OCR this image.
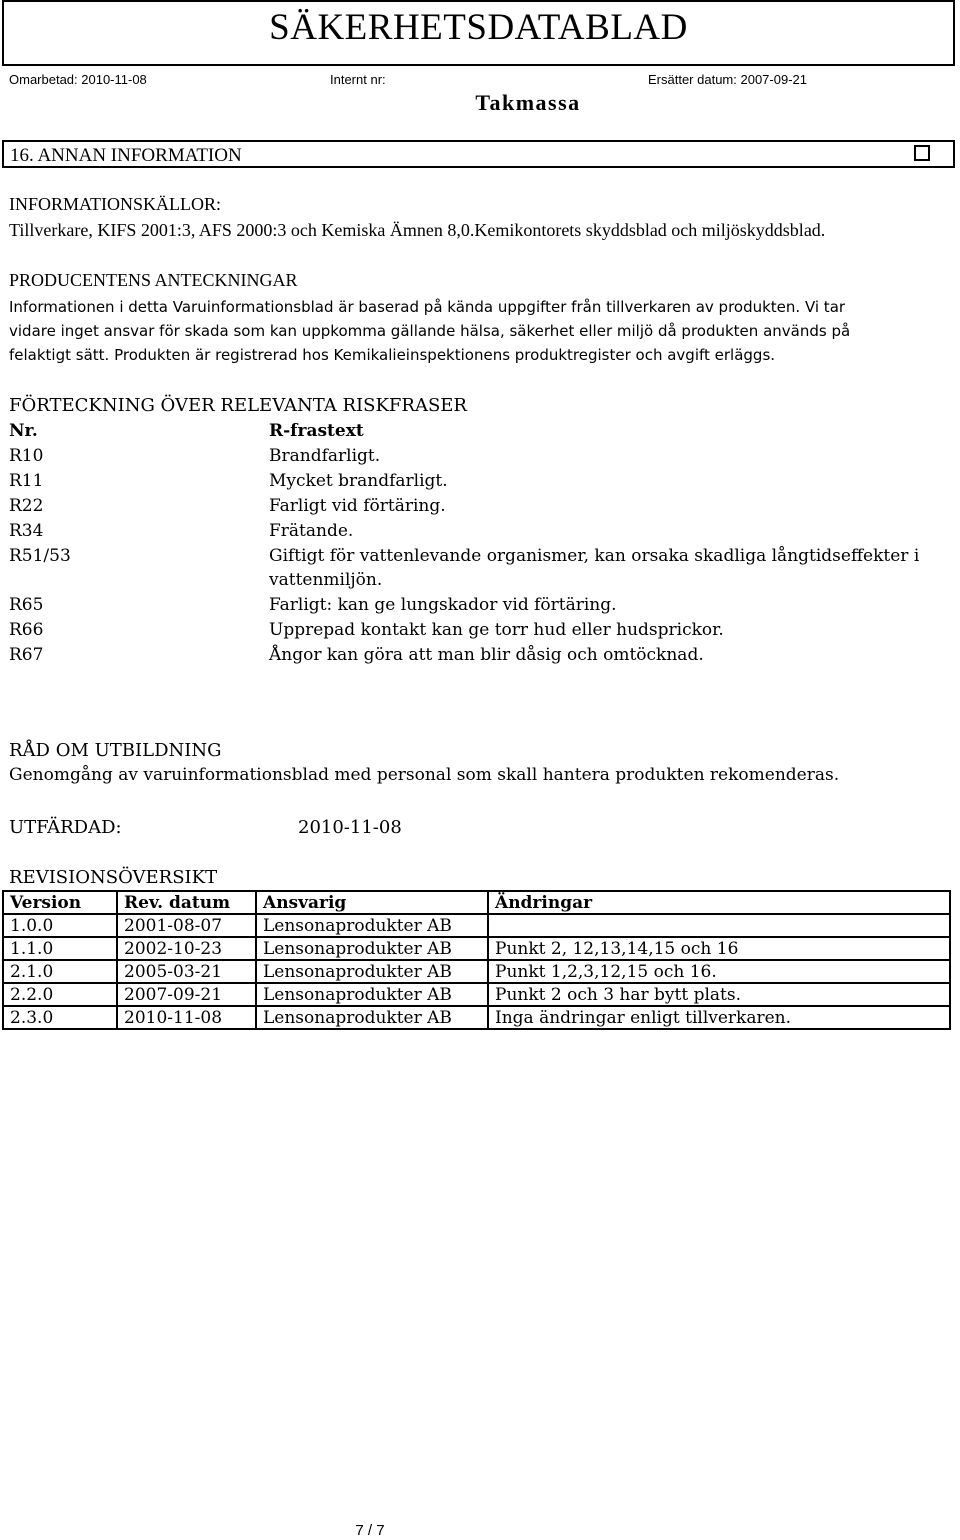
SÄKERHETSDATABLAD
Omarbetad: 2010-11-08	Internt nr:	Ersätter datum: 2007-09-21
Takmassa
16. ANNAN INFORMATION
INFORMATIONSKÄLLOR:
Tillverkare, KIFS 2001:3, AFS 2000:3 och Kemiska Ämnen 8,0.Kemikontorets skyddsblad och miljöskyddsblad.
PRODUCENTENS ANTECKNINGAR
Informationen i detta Varuinformationsblad är baserad på kända uppgifter från tillverkaren av produkten. Vi tar
vidare inget ansvar för skada som kan uppkomma gällande hälsa, säkerhet eller miljö då produkten används på
felaktigt sätt. Produkten är registrerad hos Kemikalieinspektionens produktregister och avgift erläggs.
FÖRTECKNING ÖVER RELEVANTA RISKFRASER
Nr.	R-frastext
R10	Brandfarligt.
R11	Mycket brandfarligt.
R22	Farligt vid förtäring.
R34	Frätande.
R51/53	Giftigt för vattenlevande organismer, kan orsaka skadliga långtidseffekter i
vattenmiljön.
R65	Farligt: kan ge lungskador vid förtäring.
R66	Upprepad kontakt kan ge torr hud eller hudsprickor.
R67	Ångor kan göra att man blir dåsig och omtöcknad.
RÅD OM UTBILDNING
Genomgång av varuinformationsblad med personal som skall hantera produkten rekomenderas.
UTFÄRDAD:	2010-11-08
REVISIONSÖVERSIKT
Version	Rev. datum	Ansvarig	Ändringar
1.0.0	2001-08-07	Lensonaprodukter AB	
1.1.0	2002-10-23	Lensonaprodukter AB	Punkt 2, 12,13,14,15 och 16
2.1.0	2005-03-21	Lensonaprodukter AB	Punkt 1,2,3,12,15 och 16.
2.2.0	2007-09-21	Lensonaprodukter AB	Punkt 2 och 3 har bytt plats.
2.3.0	2010-11-08	Lensonaprodukter AB	Inga ändringar enligt tillverkaren.
7 / 7
